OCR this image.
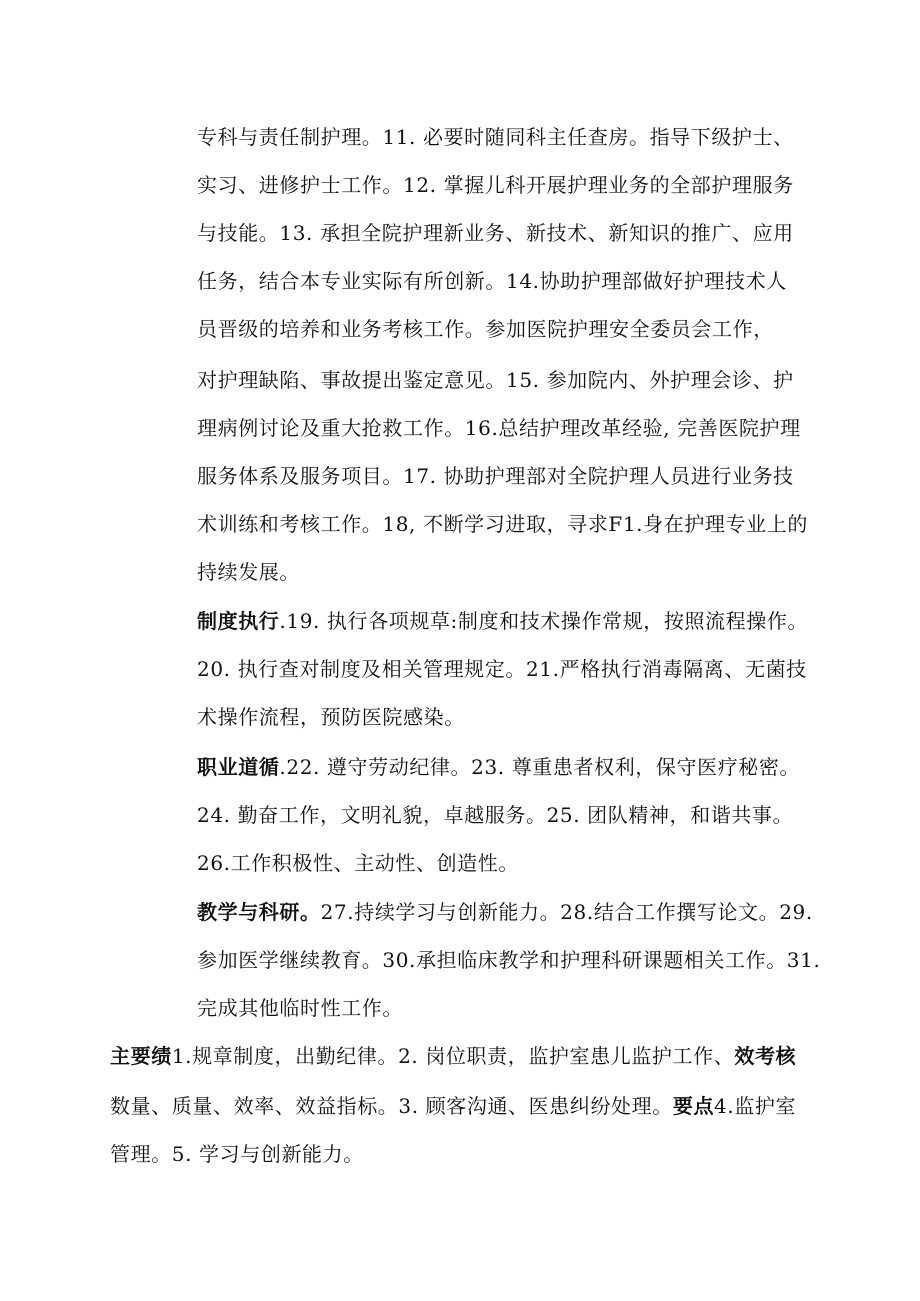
专科与责任制护理。11. 必要时随同科主任查房。指导下级护士、
实习、进修护士工作。12. 掌握儿科开展护理业务的全部护理服务
与技能。13. 承担全院护理新业务、新技术、新知识的推广、应用
任务，结合本专业实际有所创新。14.协助护理部做好护理技术人
员晋级的培养和业务考核工作。参加医院护理安全委员会工作，
对护理缺陷、事故提出鉴定意见。15. 参加院内、外护理会诊、护
理病例讨论及重大抢救工作。16.总结护理改革经验, 完善医院护理
服务体系及服务项目。17. 协助护理部对全院护理人员进行业务技
术训练和考核工作。18, 不断学习进取，寻求F1.身在护理专业上的
持续发展。
制度执行.19. 执行各项规草:制度和技术操作常规，按照流程操作。
20. 执行查对制度及相关管理规定。21.严格执行消毒隔离、无菌技
术操作流程，预防医院感染。
职业道循.22. 遵守劳动纪律。23. 尊重患者权利，保守医疗秘密。
24. 勤奋工作，文明礼貌，卓越服务。25. 团队精神，和谐共事。
26.工作积极性、主动性、创造性。
教学与科研。27.持续学习与创新能力。28.结合工作撰写论文。29.
参加医学继续教育。30.承担临床教学和护理科研课题相关工作。31.
完成其他临时性工作。
主要绩1.规章制度，出勤纪律。2. 岗位职责，监护室患儿监护工作、效考核
数量、质量、效率、效益指标。3. 顾客沟通、医患纠纷处理。要点4.监护室
管理。5. 学习与创新能力。
